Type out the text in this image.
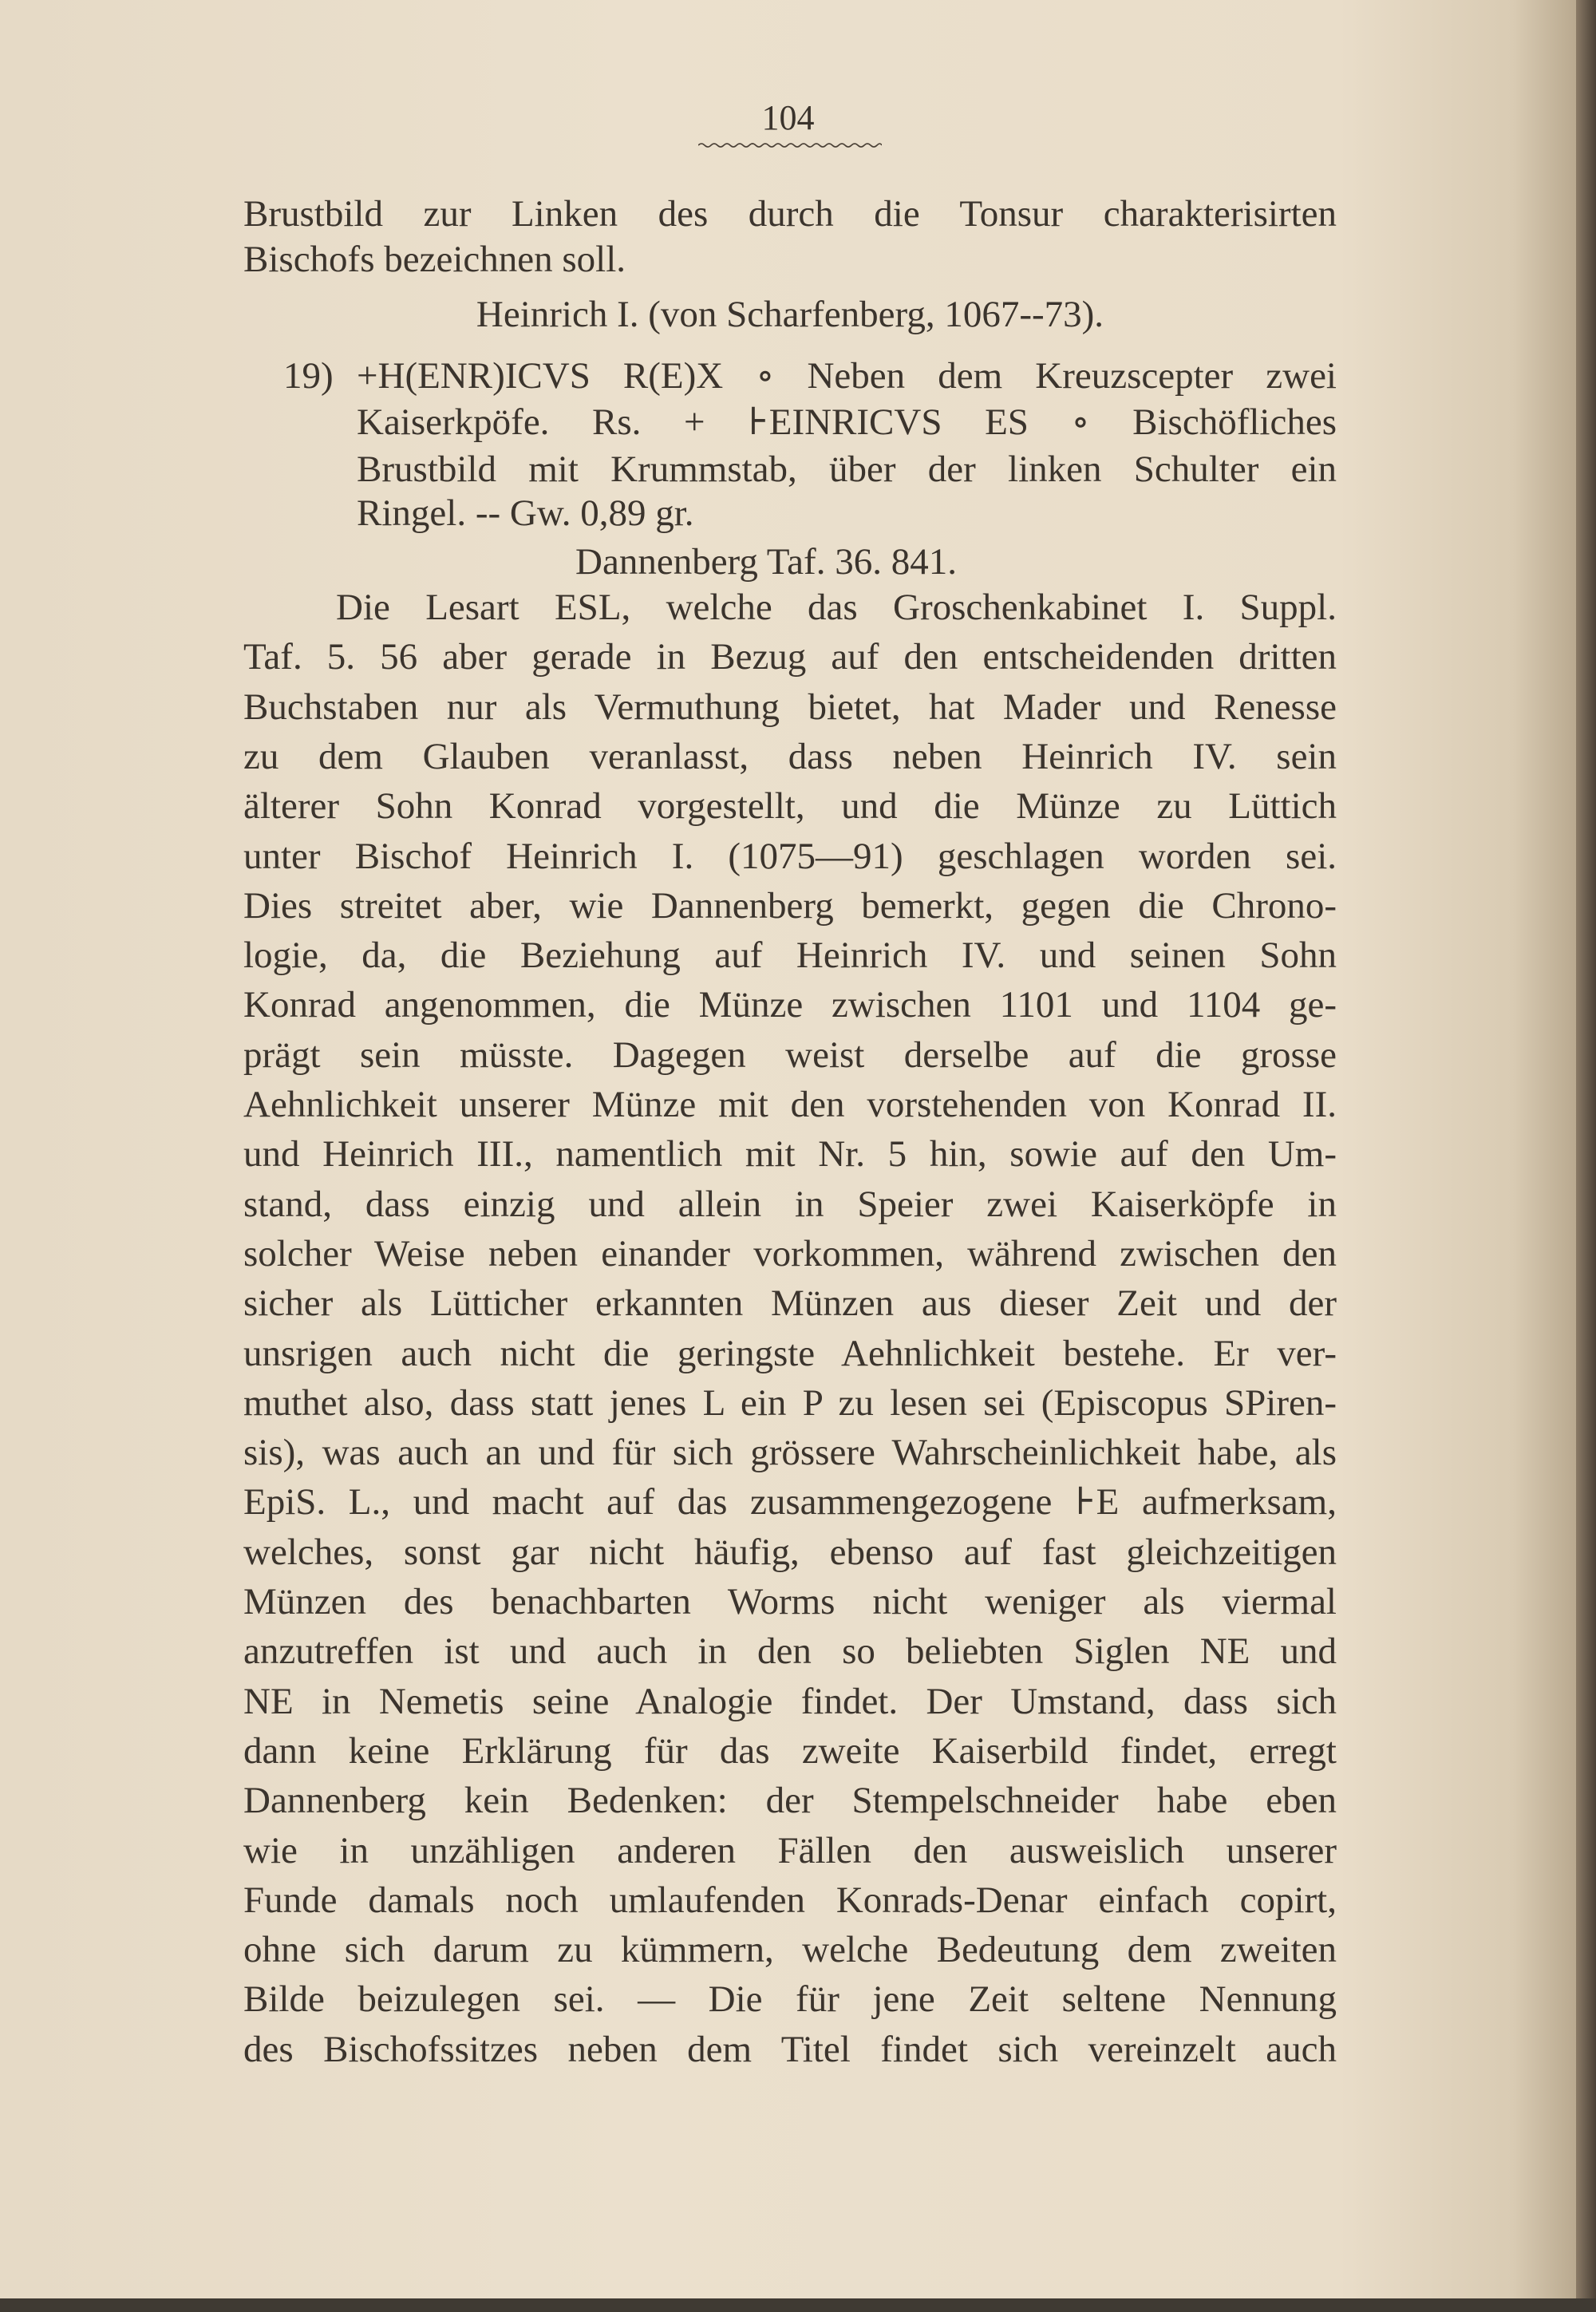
104
Brustbild zur Linken des durch die Tonsur charakterisirten
Bischofs bezeichnen soll.
Heinrich I. (von Scharfenberg, 1067--73).
19) +H(ENR)ICVS R(E)X ∘ Neben dem Kreuzscepter zwei
Kaiserkpöfe. Rs. + ⊦EINRICVS ES ∘ Bischöfliches
Brustbild mit Krummstab, über der linken Schulter ein
Ringel. -- Gw. 0,89 gr.
Dannenberg Taf. 36. 841.
Die Lesart ESL, welche das Groschenkabinet I. Suppl.
Taf. 5. 56 aber gerade in Bezug auf den entscheidenden dritten
Buchstaben nur als Vermuthung bietet, hat Mader und Renesse
zu dem Glauben veranlasst, dass neben Heinrich IV. sein
älterer Sohn Konrad vorgestellt, und die Münze zu Lüttich
unter Bischof Heinrich I. (1075—91) geschlagen worden sei.
Dies streitet aber, wie Dannenberg bemerkt, gegen die Chrono-
logie, da, die Beziehung auf Heinrich IV. und seinen Sohn
Konrad angenommen, die Münze zwischen 1101 und 1104 ge-
prägt sein müsste. Dagegen weist derselbe auf die grosse
Aehnlichkeit unserer Münze mit den vorstehenden von Konrad II.
und Heinrich III., namentlich mit Nr. 5 hin, sowie auf den Um-
stand, dass einzig und allein in Speier zwei Kaiserköpfe in
solcher Weise neben einander vorkommen, während zwischen den
sicher als Lütticher erkannten Münzen aus dieser Zeit und der
unsrigen auch nicht die geringste Aehnlichkeit bestehe. Er ver-
muthet also, dass statt jenes L ein P zu lesen sei (Episcopus SPiren-
sis), was auch an und für sich grössere Wahrscheinlichkeit habe, als
EpiS. L., und macht auf das zusammengezogene ⊦E aufmerksam,
welches, sonst gar nicht häufig, ebenso auf fast gleichzeitigen
Münzen des benachbarten Worms nicht weniger als viermal
anzutreffen ist und auch in den so beliebten Siglen ΝE und
ΝE in Nemetis seine Analogie findet. Der Umstand, dass sich
dann keine Erklärung für das zweite Kaiserbild findet, erregt
Dannenberg kein Bedenken: der Stempelschneider habe eben
wie in unzähligen anderen Fällen den ausweislich unserer
Funde damals noch umlaufenden Konrads-Denar einfach copirt,
ohne sich darum zu kümmern, welche Bedeutung dem zweiten
Bilde beizulegen sei. — Die für jene Zeit seltene Nennung
des Bischofssitzes neben dem Titel findet sich vereinzelt auch
